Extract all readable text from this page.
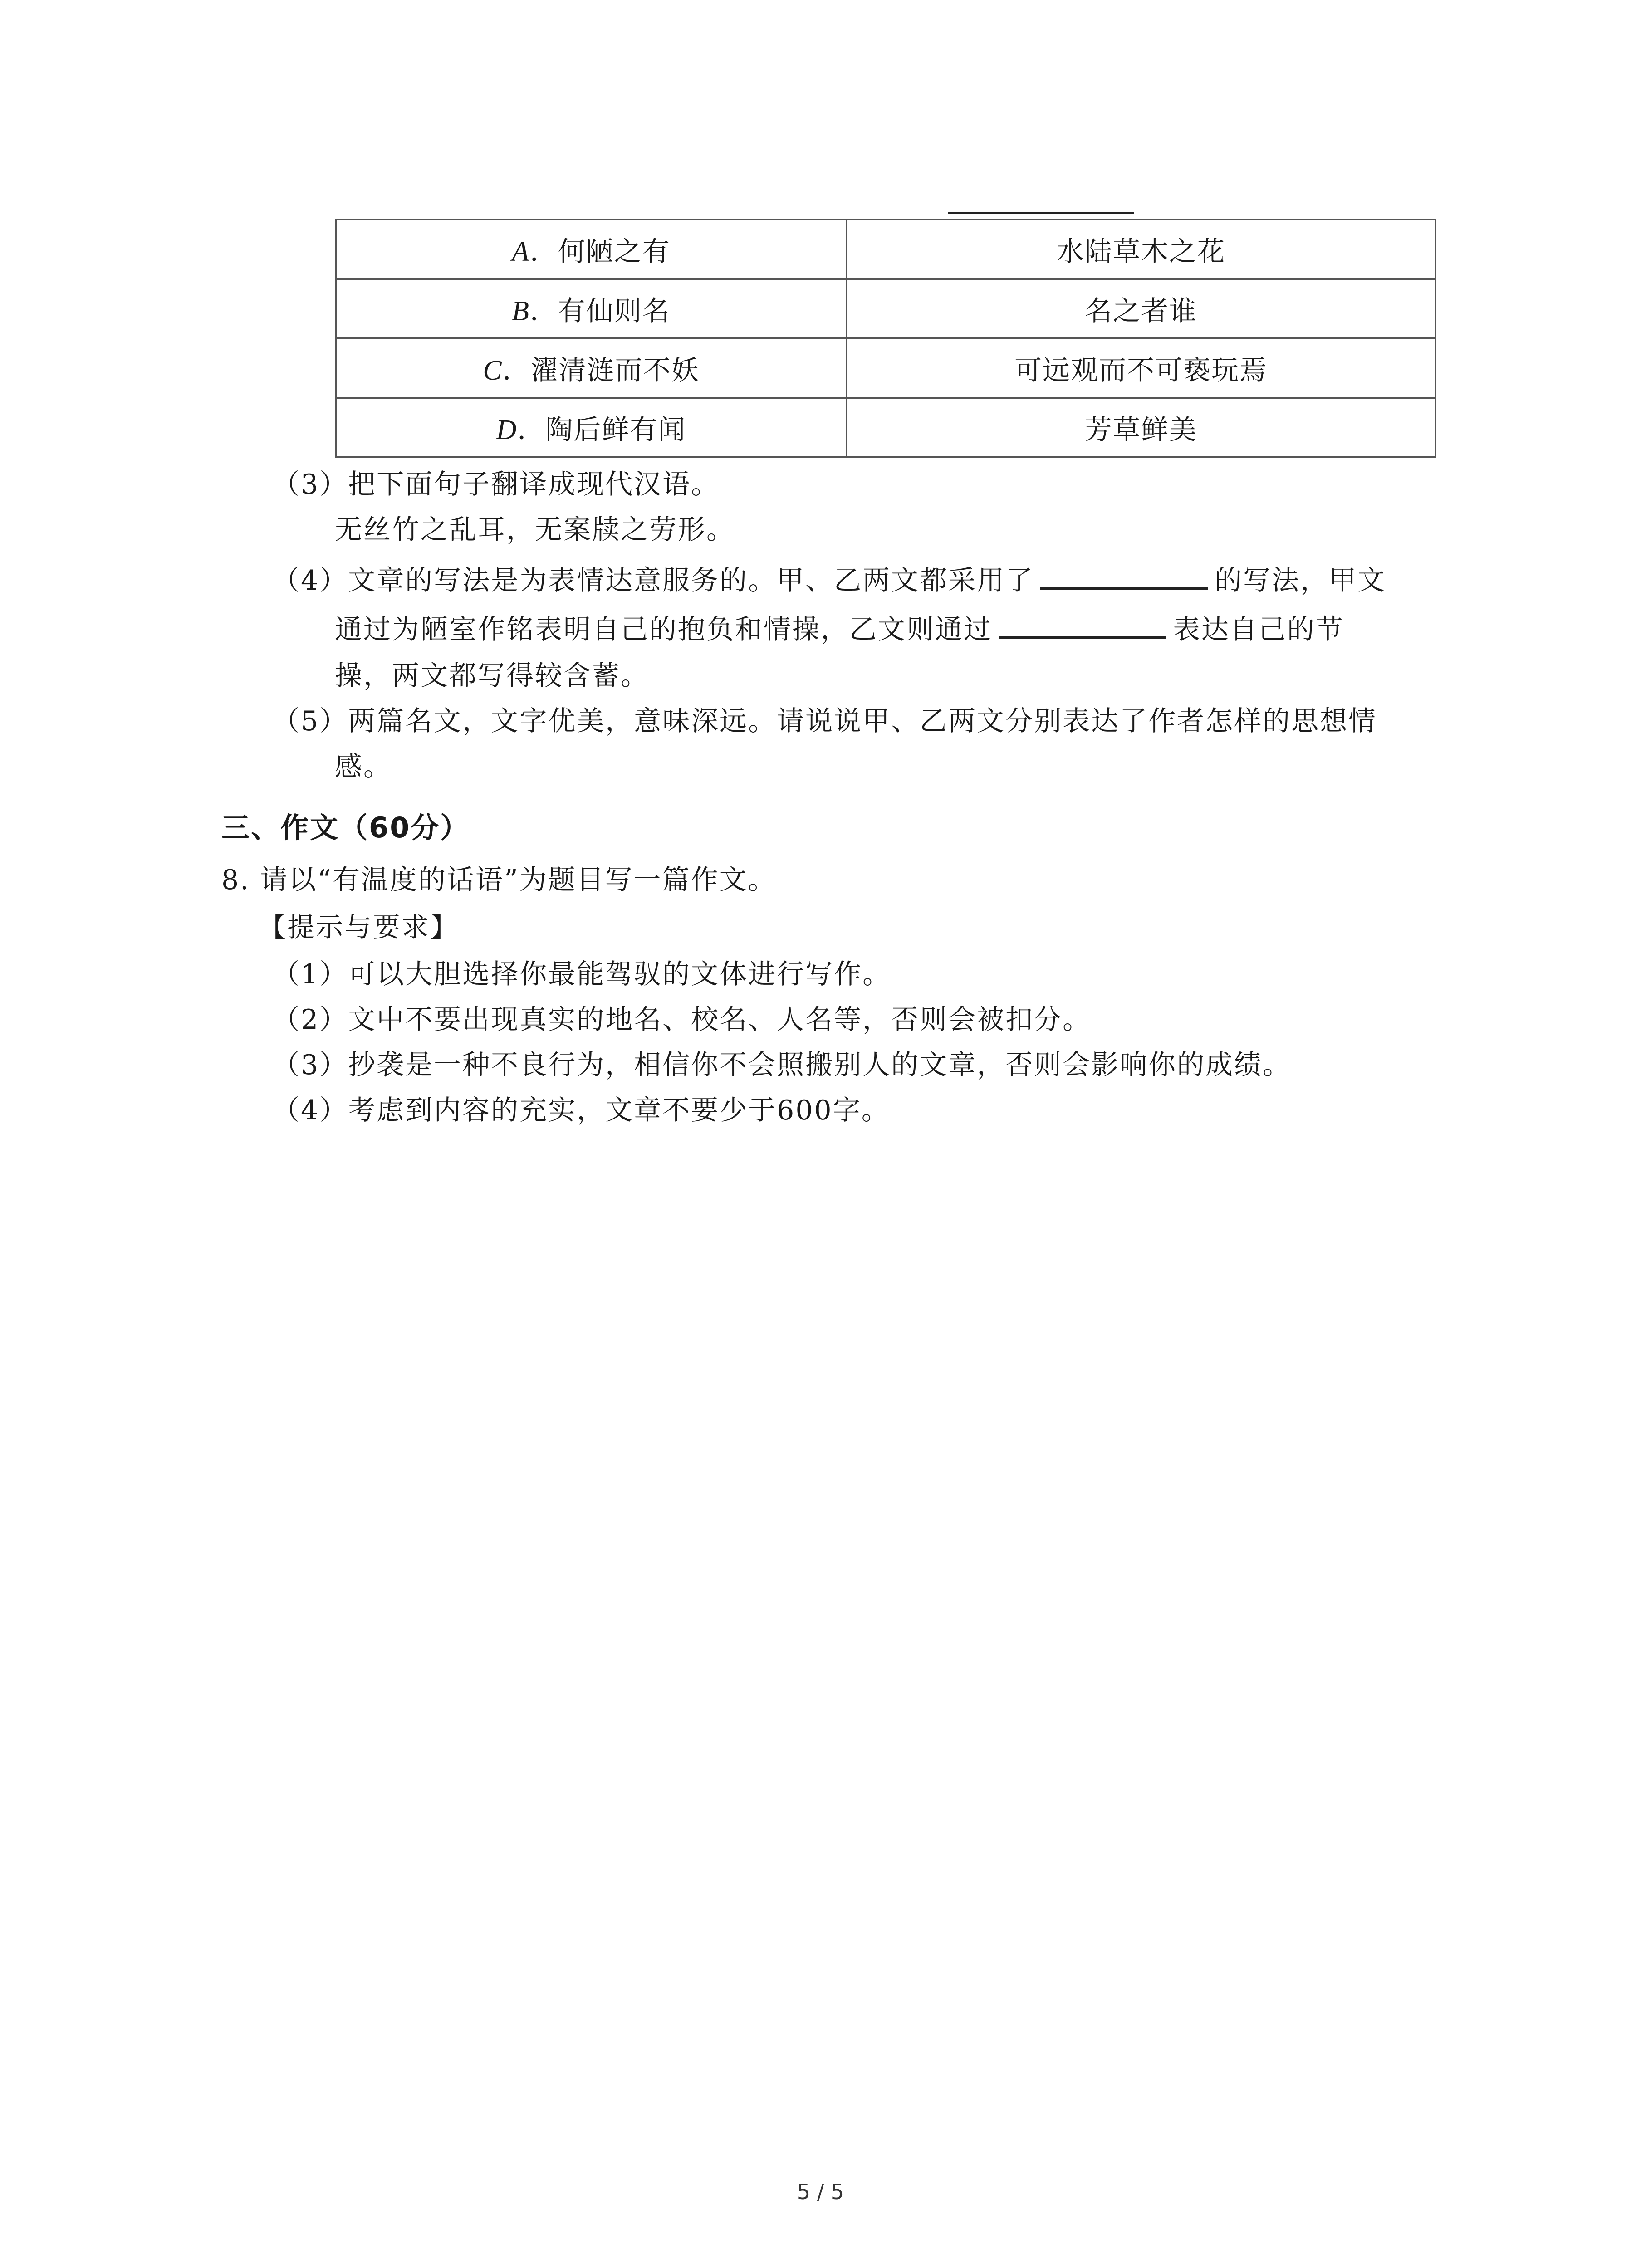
A．何陋之有	水陆草木之花
B．有仙则名	名之者谁
C．濯清涟而不妖	可远观而不可亵玩焉
D．陶后鲜有闻	芳草鲜美
（3）把下面句子翻译成现代汉语。
无丝竹之乱耳，无案牍之劳形。
（4）文章的写法是为表情达意服务的。甲、乙两文都采用了	的写法，甲文
通过为陋室作铭表明自己的抱负和情操，乙文则通过	表达自己的节
操，两文都写得较含蓄。
（5）两篇名文，文字优美，意味深远。请说说甲、乙两文分别表达了作者怎样的思想情
感。
三、作文（60分）
8. 请以“有温度的话语”为题目写一篇作文。
【提示与要求】
（1）可以大胆选择你最能驾驭的文体进行写作。
（2）文中不要出现真实的地名、校名、人名等，否则会被扣分。
（3）抄袭是一种不良行为，相信你不会照搬别人的文章，否则会影响你的成绩。
（4）考虑到内容的充实，文章不要少于600字。
5 / 5
